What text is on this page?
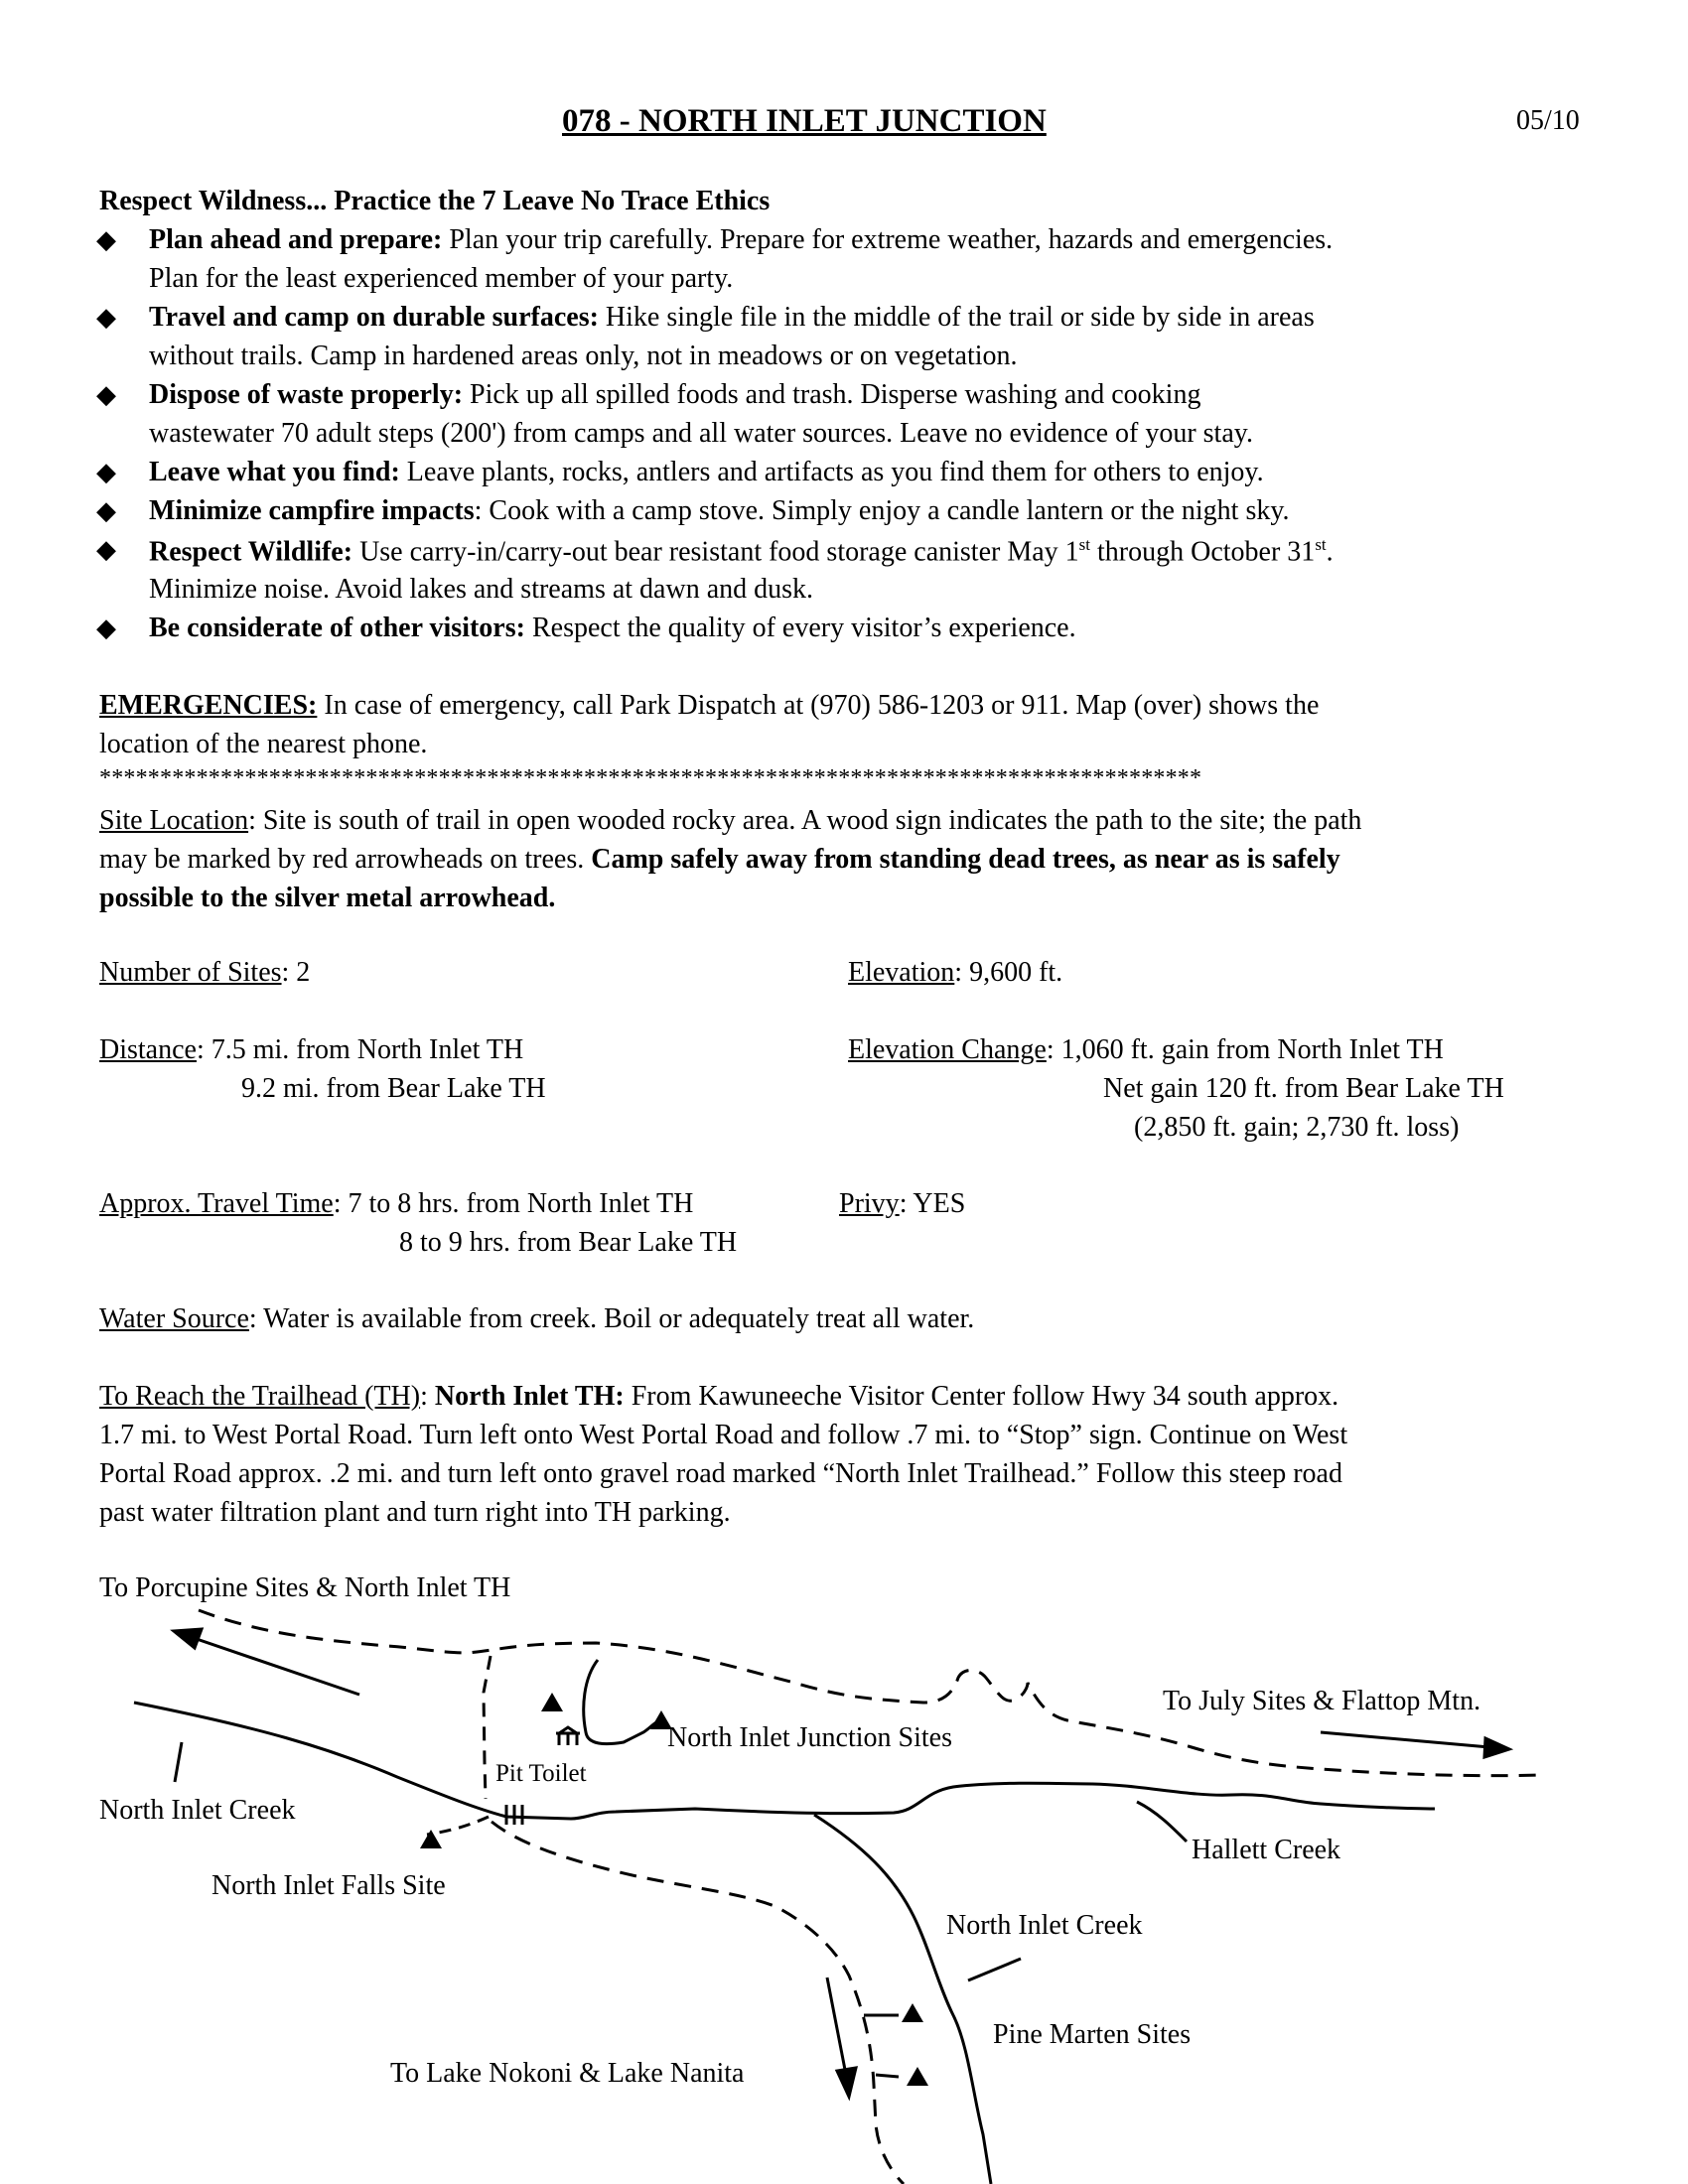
078 - NORTH INLET JUNCTION	05/10
Respect Wildness... Practice the 7 Leave No Trace Ethics
◆ Plan ahead and prepare: Plan your trip carefully. Prepare for extreme weather, hazards and emergencies.
Plan for the least experienced member of your party.
◆ Travel and camp on durable surfaces: Hike single file in the middle of the trail or side by side in areas
without trails. Camp in hardened areas only, not in meadows or on vegetation.
◆ Dispose of waste properly: Pick up all spilled foods and trash. Disperse washing and cooking
wastewater 70 adult steps (200') from camps and all water sources. Leave no evidence of your stay.
◆ Leave what you find: Leave plants, rocks, antlers and artifacts as you find them for others to enjoy.
◆ Minimize campfire impacts: Cook with a camp stove. Simply enjoy a candle lantern or the night sky.
◆ Respect Wildlife: Use carry-in/carry-out bear resistant food storage canister May 1st through October 31st.
Minimize noise. Avoid lakes and streams at dawn and dusk.
◆ Be considerate of other visitors: Respect the quality of every visitor’s experience.
EMERGENCIES: In case of emergency, call Park Dispatch at (970) 586-1203 or 911. Map (over) shows the
location of the nearest phone.
*******************************************************************************************
Site Location: Site is south of trail in open wooded rocky area. A wood sign indicates the path to the site; the path
may be marked by red arrowheads on trees. Camp safely away from standing dead trees, as near as is safely
possible to the silver metal arrowhead.
Number of Sites: 2	Elevation: 9,600 ft.
Distance: 7.5 mi. from North Inlet TH
9.2 mi. from Bear Lake TH
Elevation Change: 1,060 ft. gain from North Inlet TH
Net gain 120 ft. from Bear Lake TH
(2,850 ft. gain; 2,730 ft. loss)
Approx. Travel Time: 7 to 8 hrs. from North Inlet TH
8 to 9 hrs. from Bear Lake TH
Privy: YES
Water Source: Water is available from creek. Boil or adequately treat all water.
To Reach the Trailhead (TH): North Inlet TH: From Kawuneeche Visitor Center follow Hwy 34 south approx.
1.7 mi. to West Portal Road. Turn left onto West Portal Road and follow .7 mi. to “Stop” sign. Continue on West
Portal Road approx. .2 mi. and turn left onto gravel road marked “North Inlet Trailhead.” Follow this steep road
past water filtration plant and turn right into TH parking.
To Porcupine Sites & North Inlet TH
To July Sites & Flattop Mtn.
North Inlet Junction Sites
Pit Toilet
North Inlet Creek
Hallett Creek
North Inlet Falls Site
North Inlet Creek
Pine Marten Sites
To Lake Nokoni & Lake Nanita
